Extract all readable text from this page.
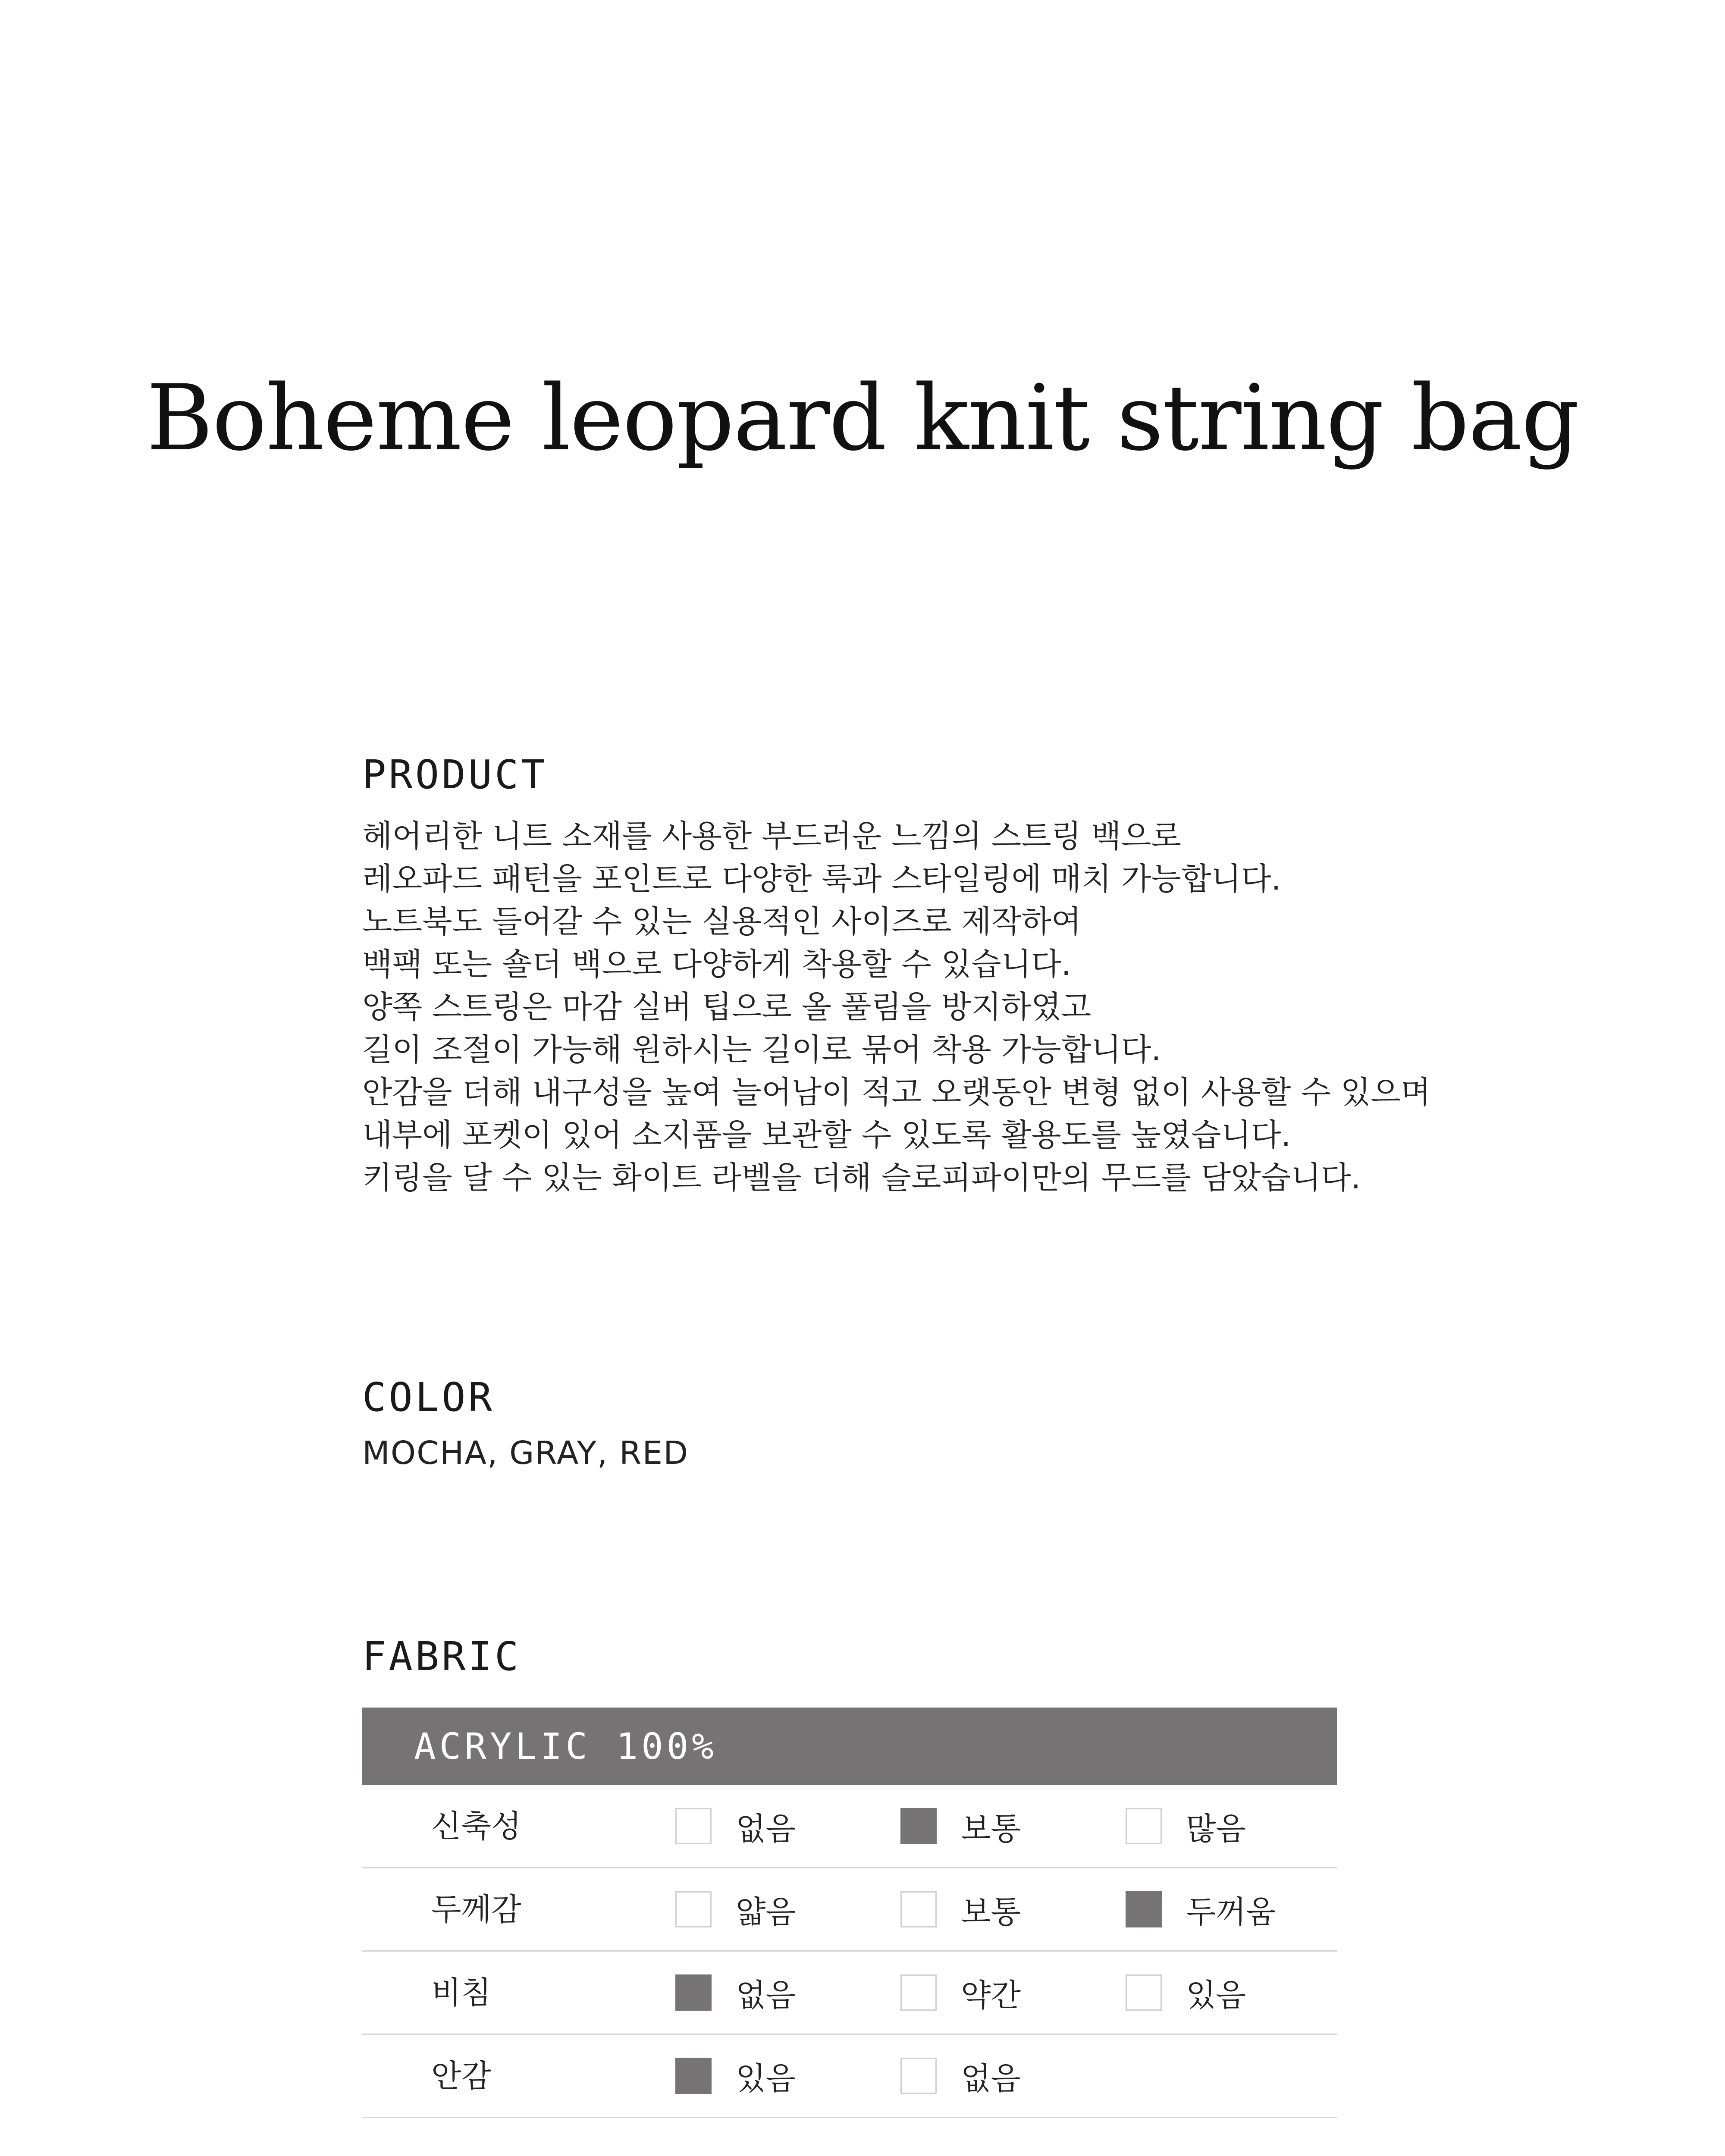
Boheme leopard knit string bag
PRODUCT
헤어리한 니트 소재를 사용한 부드러운 느낌의 스트링 백으로
레오파드 패턴을 포인트로 다양한 룩과 스타일링에 매치 가능합니다.
노트북도 들어갈 수 있는 실용적인 사이즈로 제작하여
백팩 또는 숄더 백으로 다양하게 착용할 수 있습니다.
양쪽 스트링은 마감 실버 팁으로 올 풀림을 방지하였고
길이 조절이 가능해 원하시는 길이로 묶어 착용 가능합니다.
안감을 더해 내구성을 높여 늘어남이 적고 오랫동안 변형 없이 사용할 수 있으며
내부에 포켓이 있어 소지품을 보관할 수 있도록 활용도를 높였습니다.
키링을 달 수 있는 화이트 라벨을 더해 슬로피파이만의 무드를 담았습니다.
COLOR
MOCHA, GRAY, RED
FABRIC
ACRYLIC 100%
신축성	없음	보통	많음
두께감	얇음	보통	두꺼움
비침	없음	약간	있음
안감	있음	없음
